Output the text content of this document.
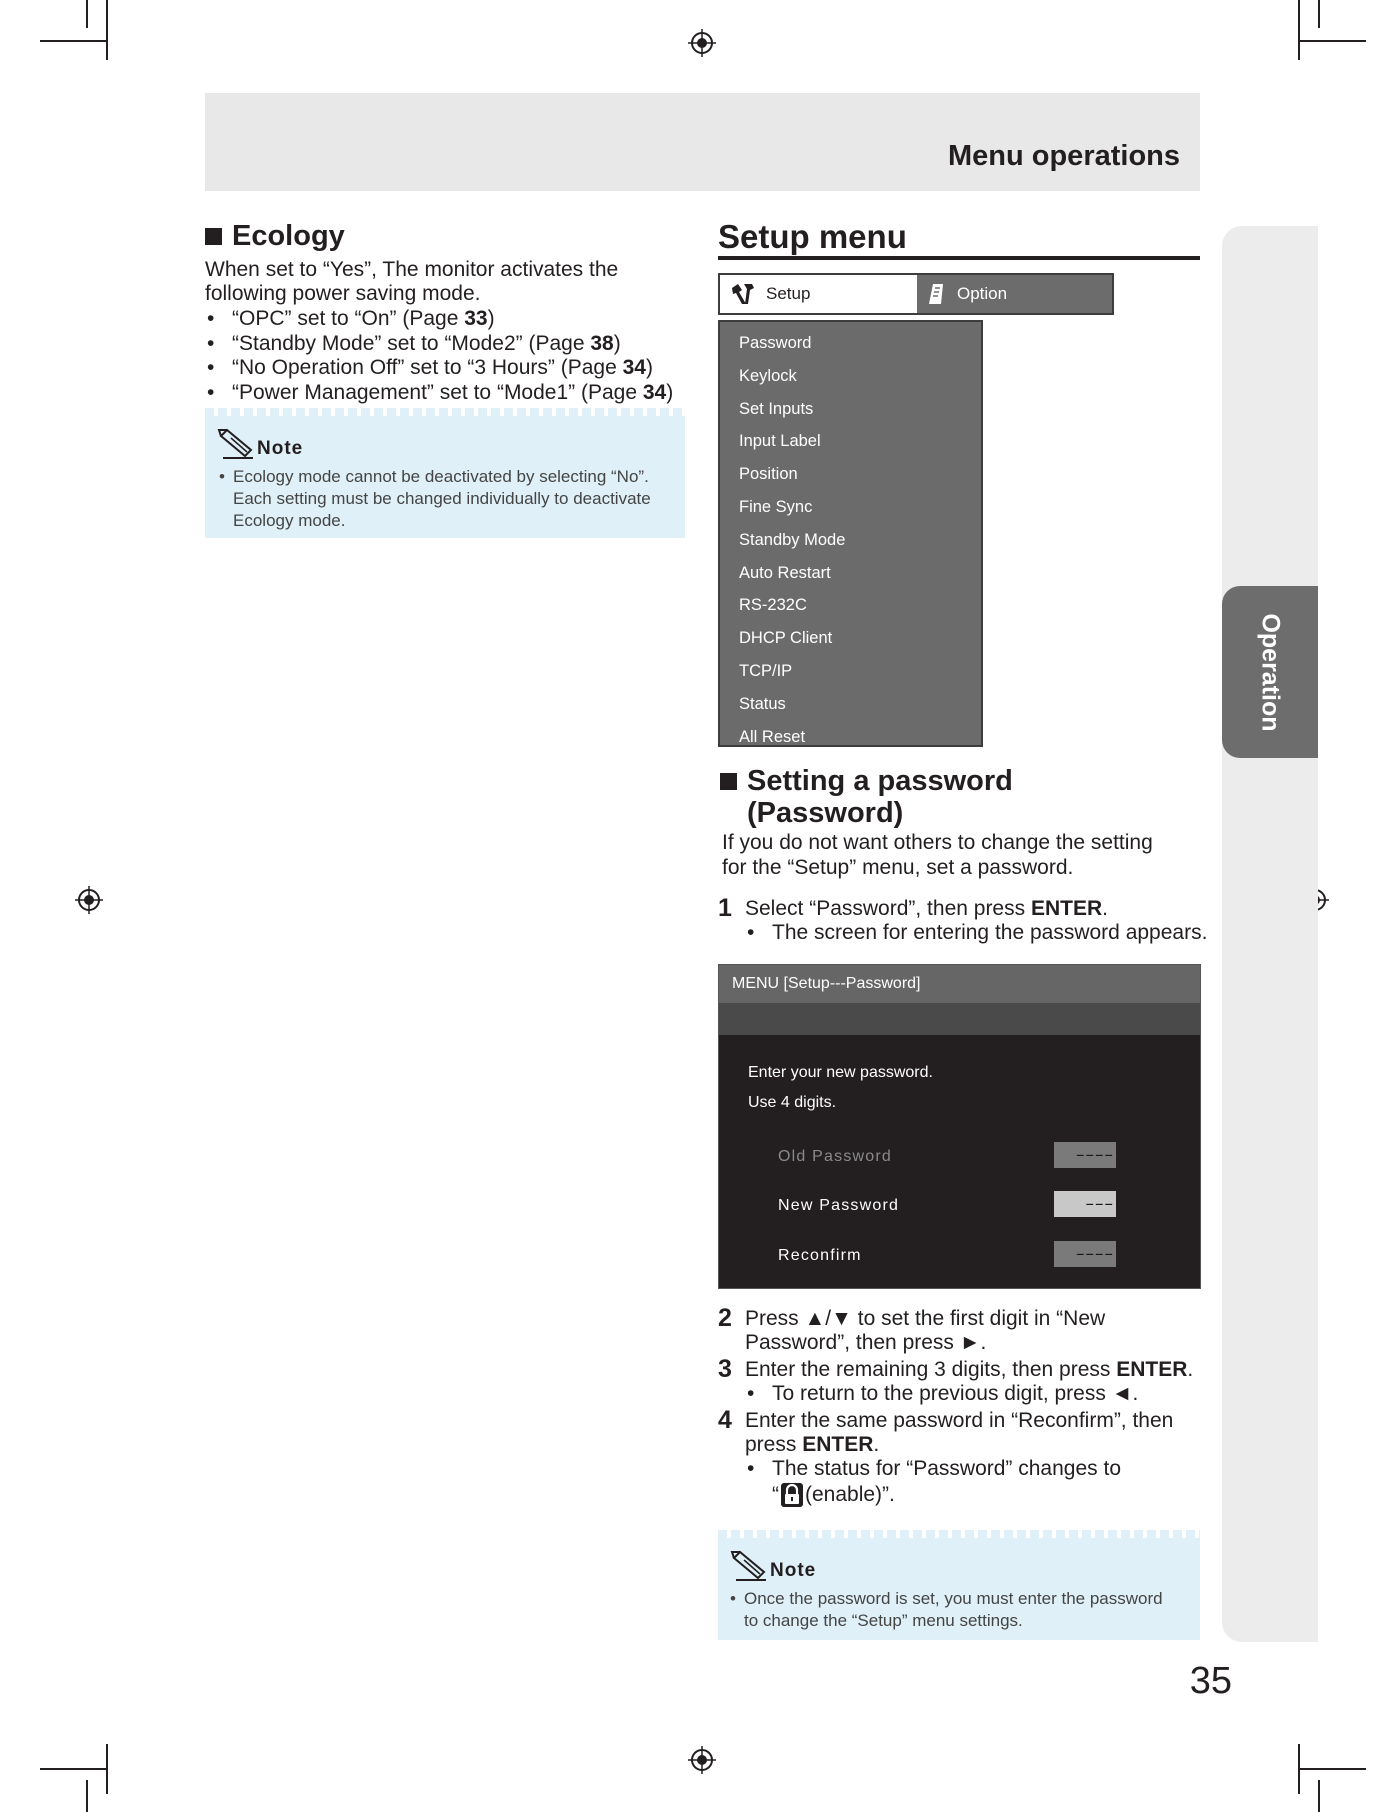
Menu operations
Operation
Ecology
When set to “Yes”, The monitor activates the
following power saving mode.
• “OPC” set to “On” (Page 33)
• “Standby Mode” set to “Mode2” (Page 38)
• “No Operation Off” set to “3 Hours” (Page 34)
• “Power Management” set to “Mode1” (Page 34)
Note
• Ecology mode cannot be deactivated by selecting “No”.
Each setting must be changed individually to deactivate
Ecology mode.
Setup menu
Setup	Option
Password
Keylock
Set Inputs
Input Label
Position
Fine Sync
Standby Mode
Auto Restart
RS-232C
DHCP Client
TCP/IP
Status
All Reset
Setting a password
(Password)
If you do not want others to change the setting
for the “Setup” menu, set a password.
1 Select “Password”, then press ENTER.
• The screen for entering the password appears.
MENU [Setup---Password]
Enter your new password.
Use 4 digits.
Old Password	––––
New Password	–––
Reconfirm	––––
2 Press ▲/▼ to set the first digit in “New
Password”, then press ►.
3 Enter the remaining 3 digits, then press ENTER.
• To return to the previous digit, press ◄.
4 Enter the same password in “Reconfirm”, then
press ENTER.
• The status for “Password” changes to
“ (enable)”.
Note
• Once the password is set, you must enter the password
to change the “Setup” menu settings.
35
